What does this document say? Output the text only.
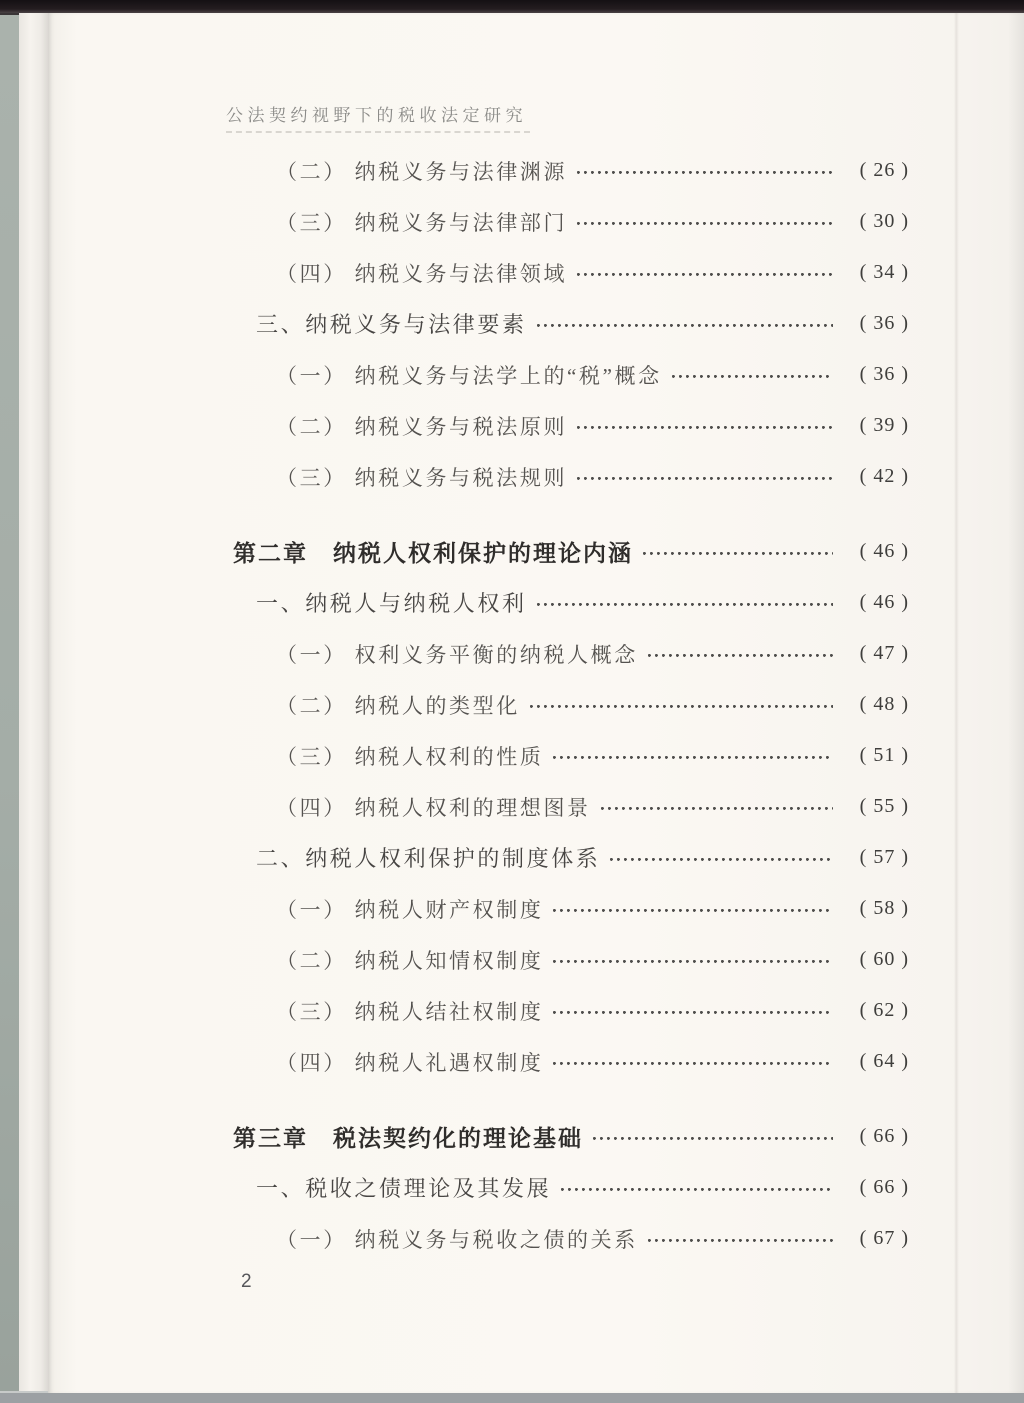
公法契约视野下的税收法定研究
（二） 纳税义务与法律渊源	( 26 )
（三） 纳税义务与法律部门	( 30 )
（四） 纳税义务与法律领域	( 34 )
三、纳税义务与法律要素	( 36 )
（一） 纳税义务与法学上的“税”概念	( 36 )
（二） 纳税义务与税法原则	( 39 )
（三） 纳税义务与税法规则	( 42 )
第二章　纳税人权利保护的理论内涵	( 46 )
一、纳税人与纳税人权利	( 46 )
（一） 权利义务平衡的纳税人概念	( 47 )
（二） 纳税人的类型化	( 48 )
（三） 纳税人权利的性质	( 51 )
（四） 纳税人权利的理想图景	( 55 )
二、纳税人权利保护的制度体系	( 57 )
（一） 纳税人财产权制度	( 58 )
（二） 纳税人知情权制度	( 60 )
（三） 纳税人结社权制度	( 62 )
（四） 纳税人礼遇权制度	( 64 )
第三章　税法契约化的理论基础	( 66 )
一、税收之债理论及其发展	( 66 )
（一） 纳税义务与税收之债的关系	( 67 )
2
